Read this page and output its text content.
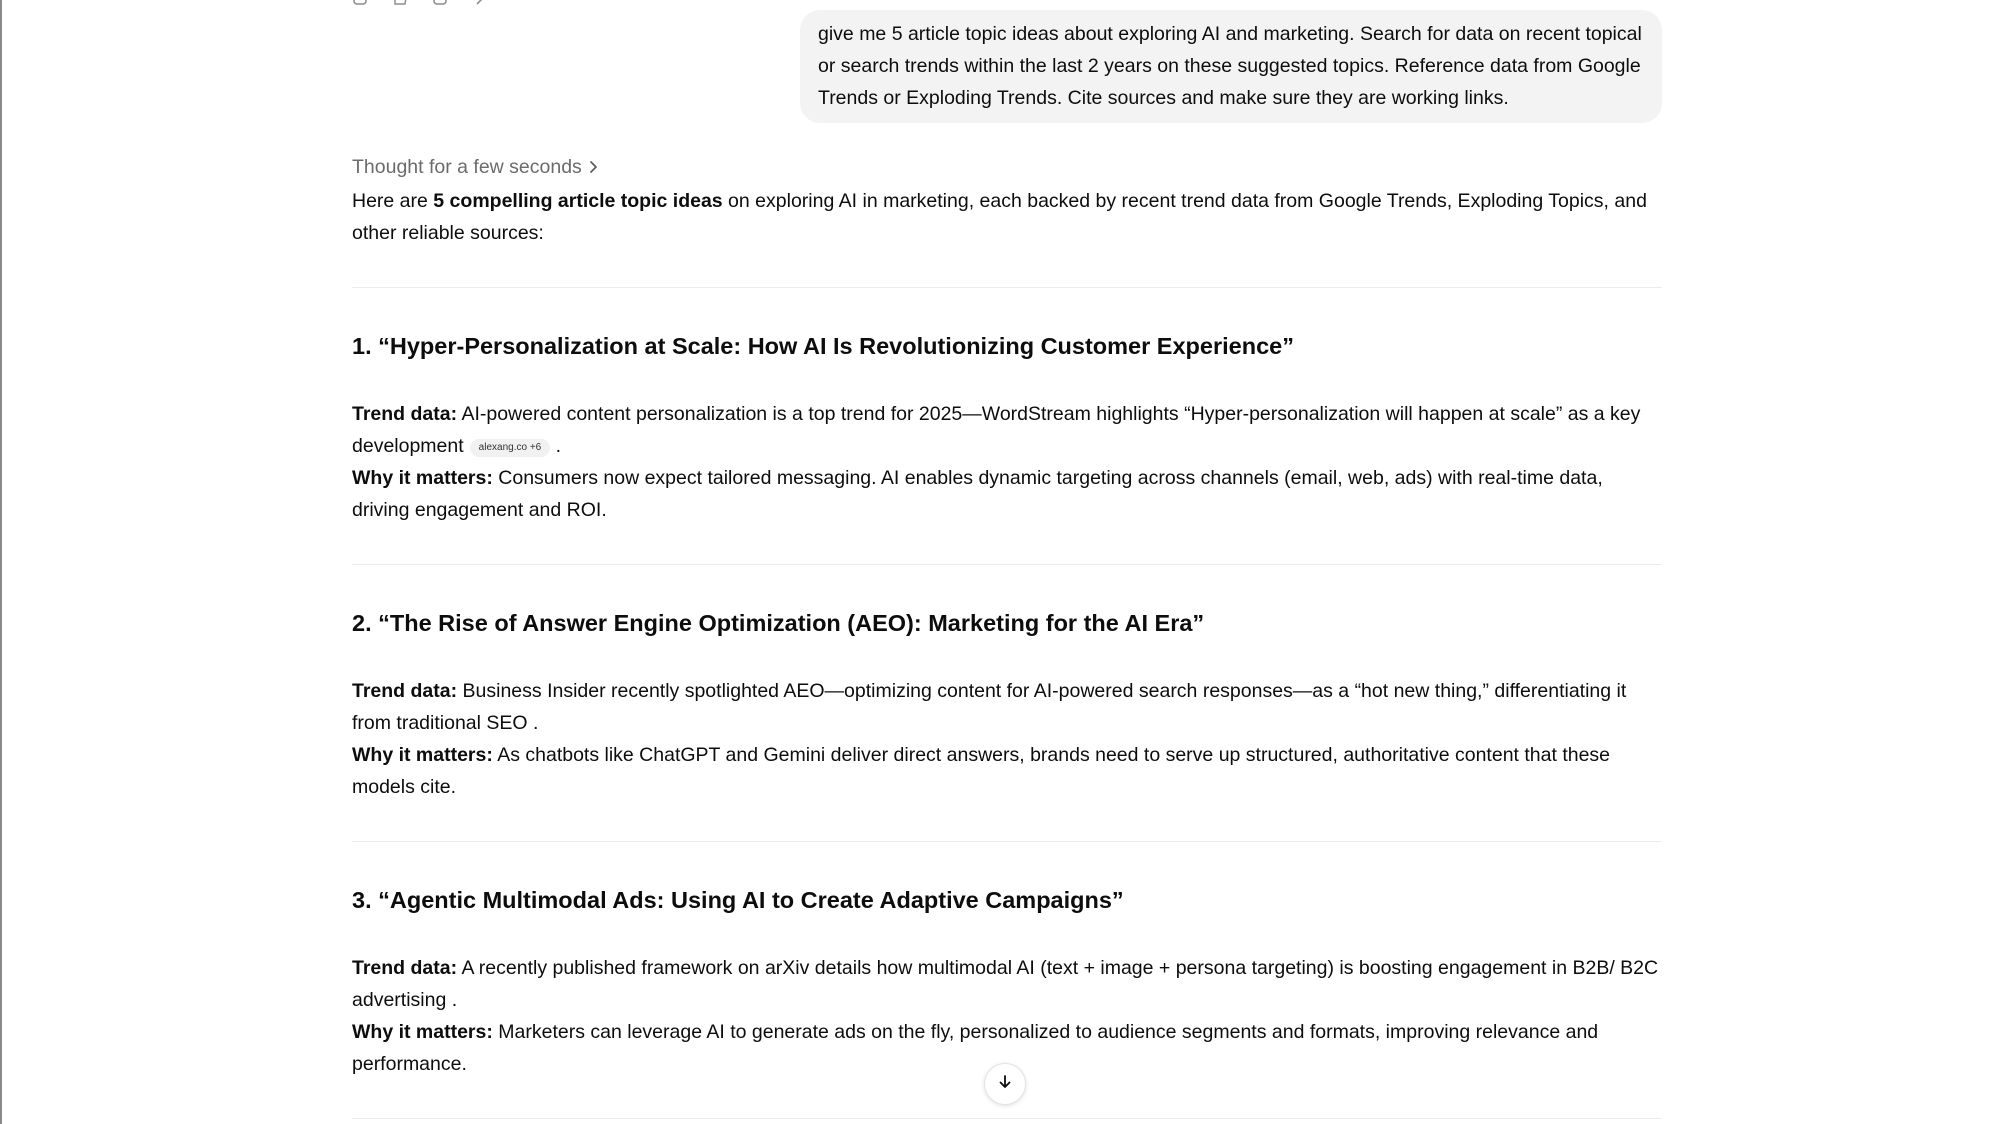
give me 5 article topic ideas about exploring AI and marketing. Search for data on recent topical or search trends within the last 2 years on these suggested topics. Reference data from Google Trends or Exploding Trends. Cite sources and make sure they are working links.
Thought for a few seconds

Here are 5 compelling article topic ideas on exploring AI in marketing, each backed by recent trend data from Google Trends, Exploding Topics, and other reliable sources:

1. “Hyper-Personalization at Scale: How AI Is Revolutionizing Customer Experience”

Trend data: AI-powered content personalization is a top trend for 2025—WordStream highlights “Hyper-personalization will happen at scale” as a key development alexang.co +6 .

Why it matters: Consumers now expect tailored messaging. AI enables dynamic targeting across channels (email, web, ads) with real-time data, driving engagement and ROI.

2. “The Rise of Answer Engine Optimization (AEO): Marketing for the AI Era”

Trend data: Business Insider recently spotlighted AEO—optimizing content for AI-powered search responses—as a “hot new thing,” differentiating it from traditional SEO .

Why it matters: As chatbots like ChatGPT and Gemini deliver direct answers, brands need to serve up structured, authoritative content that these models cite.

3. “Agentic Multimodal Ads: Using AI to Create Adaptive Campaigns”

Trend data: A recently published framework on arXiv details how multimodal AI (text + image + persona targeting) is boosting engagement in B2B/ B2C advertising .

Why it matters: Marketers can leverage AI to generate ads on the fly, personalized to audience segments and formats, improving relevance and performance.
